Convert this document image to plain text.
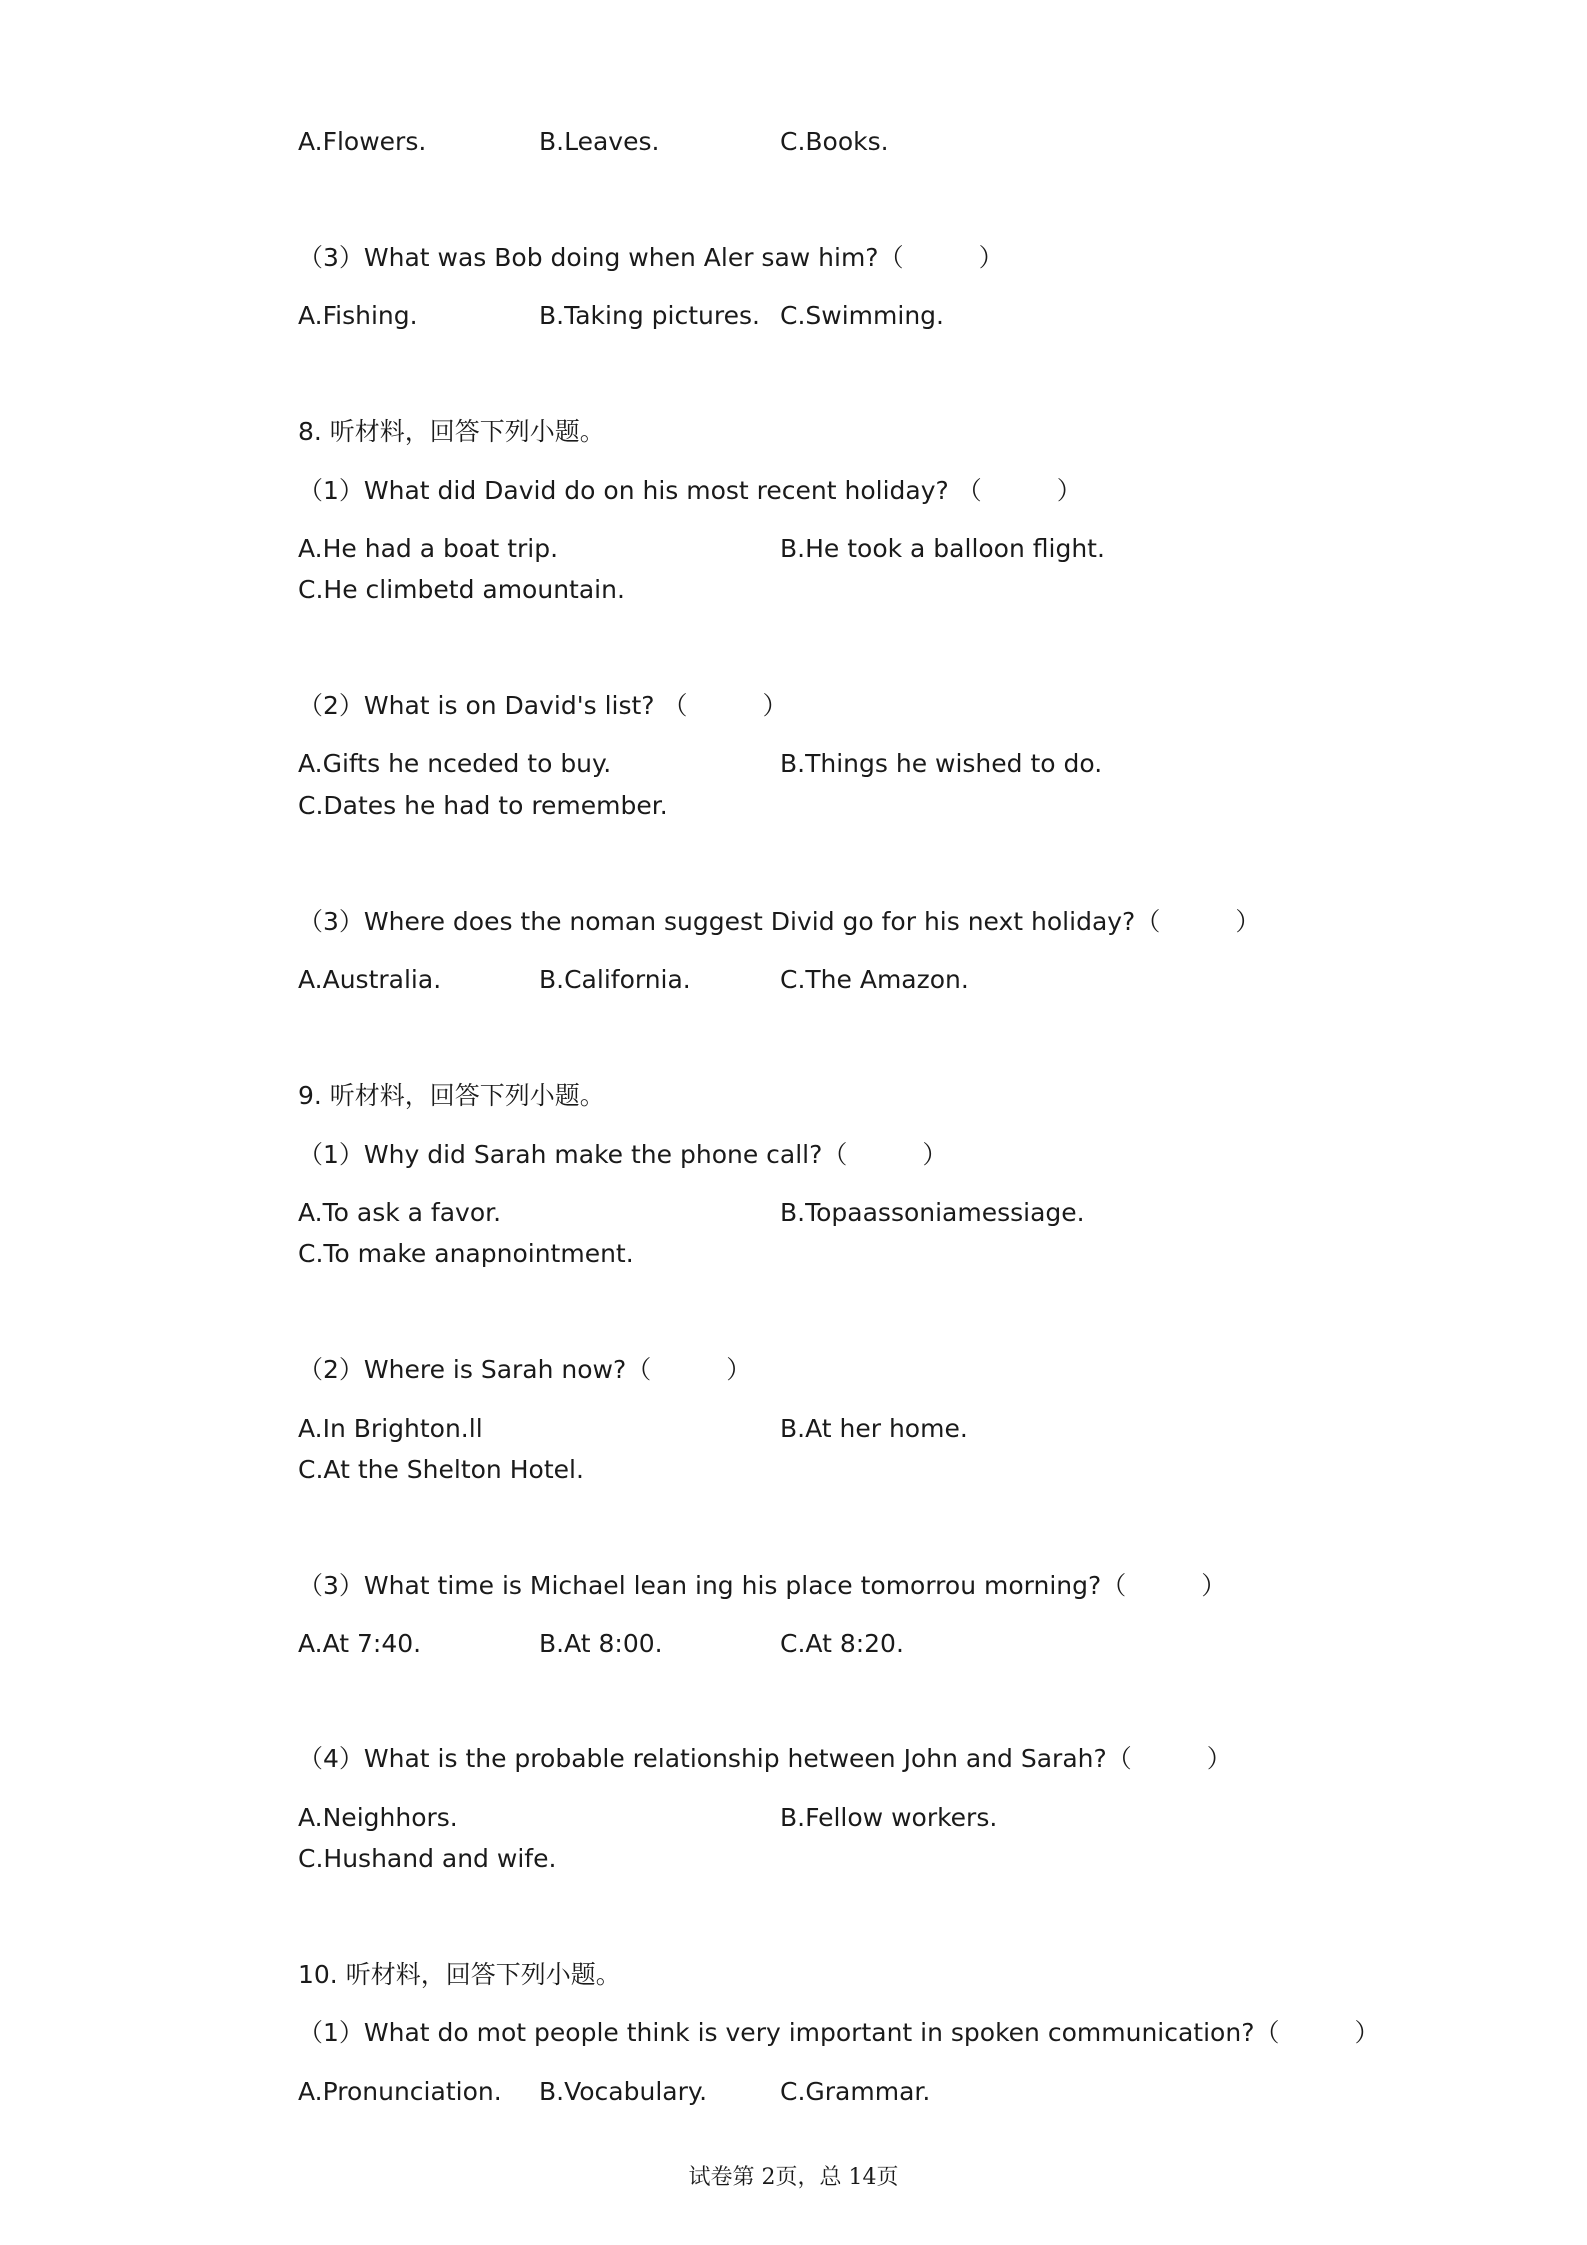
A.Flowers.	B.Leaves.	C.Books.
（3）What was Bob doing when Aler saw him?（　　　）
A.Fishing.	B.Taking pictures. C.Swimming.
8. 听材料，回答下列小题。
（1）What did David do on his most recent holiday? （　　　）
A.He had a boat trip.	B.He took a balloon flight.
C.He climbetd amountain.
（2）What is on David's list? （　　　）
A.Gifts he nceded to buy.	B.Things he wished to do.
C.Dates he had to remember.
（3）Where does the noman suggest Divid go for his next holiday?（　　　）
A.Australia.	B.California.	C.The Amazon.
9. 听材料，回答下列小题。
（1）Why did Sarah make the phone call?（　　　）
A.To ask a favor.	B.Topaassoniamessiage.
C.To make anapnointment.
（2）Where is Sarah now?（　　　）
A.In Brighton.ll	B.At her home.
C.At the Shelton Hotel.
（3）What time is Michael lean ing his place tomorrou morning?（　　　）
A.At 7:40.	B.At 8:00.	C.At 8:20.
（4）What is the probable relationship hetween John and Sarah?（　　　）
A.Neighhors.	B.Fellow workers.
C.Hushand and wife.
10. 听材料，回答下列小题。
（1）What do mot people think is very important in spoken communication?（　　　）
A.Pronunciation. B.Vocabulary.	C.Grammar.
试卷第 2页，总 14页
